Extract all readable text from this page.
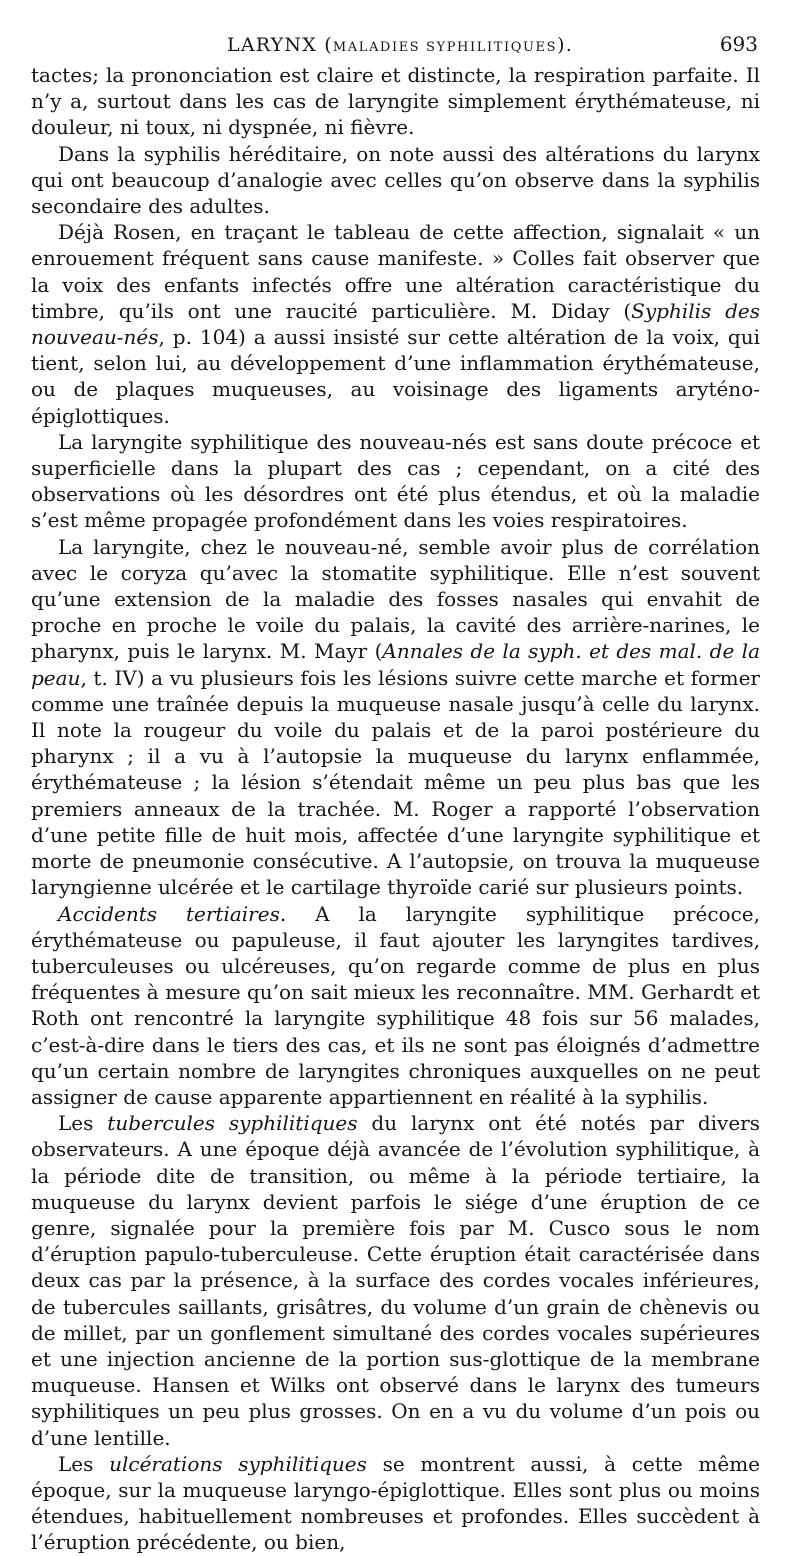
LARYNX (MALADIES SYPHILITIQUES).	693

tactes; la prononciation est claire et distincte, la respiration parfaite. Il n’y a, surtout dans les cas de laryngite simplement érythémateuse, ni douleur, ni toux, ni dyspnée, ni fièvre.

Dans la syphilis héréditaire, on note aussi des altérations du larynx qui ont beaucoup d’analogie avec celles qu’on observe dans la syphilis secondaire des adultes.

Déjà Rosen, en traçant le tableau de cette affection, signalait « un enrouement fréquent sans cause manifeste. » Colles fait observer que la voix des enfants infectés offre une altération caractéristique du timbre, qu’ils ont une raucité particulière. M. Diday (Syphilis des nouveau-nés, p. 104) a aussi insisté sur cette altération de la voix, qui tient, selon lui, au développement d’une inflammation érythémateuse, ou de plaques muqueuses, au voisinage des ligaments aryténo-épiglottiques.

La laryngite syphilitique des nouveau-nés est sans doute précoce et superficielle dans la plupart des cas ; cependant, on a cité des observations où les désordres ont été plus étendus, et où la maladie s’est même propagée profondément dans les voies respiratoires.

La laryngite, chez le nouveau-né, semble avoir plus de corrélation avec le coryza qu’avec la stomatite syphilitique. Elle n’est souvent qu’une extension de la maladie des fosses nasales qui envahit de proche en proche le voile du palais, la cavité des arrière-narines, le pharynx, puis le larynx. M. Mayr (Annales de la syph. et des mal. de la peau, t. IV) a vu plusieurs fois les lésions suivre cette marche et former comme une traînée depuis la muqueuse nasale jusqu’à celle du larynx. Il note la rougeur du voile du palais et de la paroi postérieure du pharynx ; il a vu à l’autopsie la muqueuse du larynx enflammée, érythémateuse ; la lésion s’étendait même un peu plus bas que les premiers anneaux de la trachée. M. Roger a rapporté l’observation d’une petite fille de huit mois, affectée d’une laryngite syphilitique et morte de pneumonie consécutive. A l’autopsie, on trouva la muqueuse laryngienne ulcérée et le cartilage thyroïde carié sur plusieurs points.

Accidents tertiaires. A la laryngite syphilitique précoce, érythémateuse ou papuleuse, il faut ajouter les laryngites tardives, tuberculeuses ou ulcéreuses, qu’on regarde comme de plus en plus fréquentes à mesure qu’on sait mieux les reconnaître. MM. Gerhardt et Roth ont rencontré la laryngite syphilitique 48 fois sur 56 malades, c’est-à-dire dans le tiers des cas, et ils ne sont pas éloignés d’admettre qu’un certain nombre de laryngites chroniques auxquelles on ne peut assigner de cause apparente appartiennent en réalité à la syphilis.

Les tubercules syphilitiques du larynx ont été notés par divers observateurs. A une époque déjà avancée de l’évolution syphilitique, à la période dite de transition, ou même à la période tertiaire, la muqueuse du larynx devient parfois le siége d’une éruption de ce genre, signalée pour la première fois par M. Cusco sous le nom d’éruption papulo-tuberculeuse. Cette éruption était caractérisée dans deux cas par la présence, à la surface des cordes vocales inférieures, de tubercules saillants, grisâtres, du volume d’un grain de chènevis ou de millet, par un gonflement simultané des cordes vocales supérieures et une injection ancienne de la portion sus-glottique de la membrane muqueuse. Hansen et Wilks ont observé dans le larynx des tumeurs syphilitiques un peu plus grosses. On en a vu du volume d’un pois ou d’une lentille.

Les ulcérations syphilitiques se montrent aussi, à cette même époque, sur la muqueuse laryngo-épiglottique. Elles sont plus ou moins étendues, habituellement nombreuses et profondes. Elles succèdent à l’éruption précédente, ou bien,
